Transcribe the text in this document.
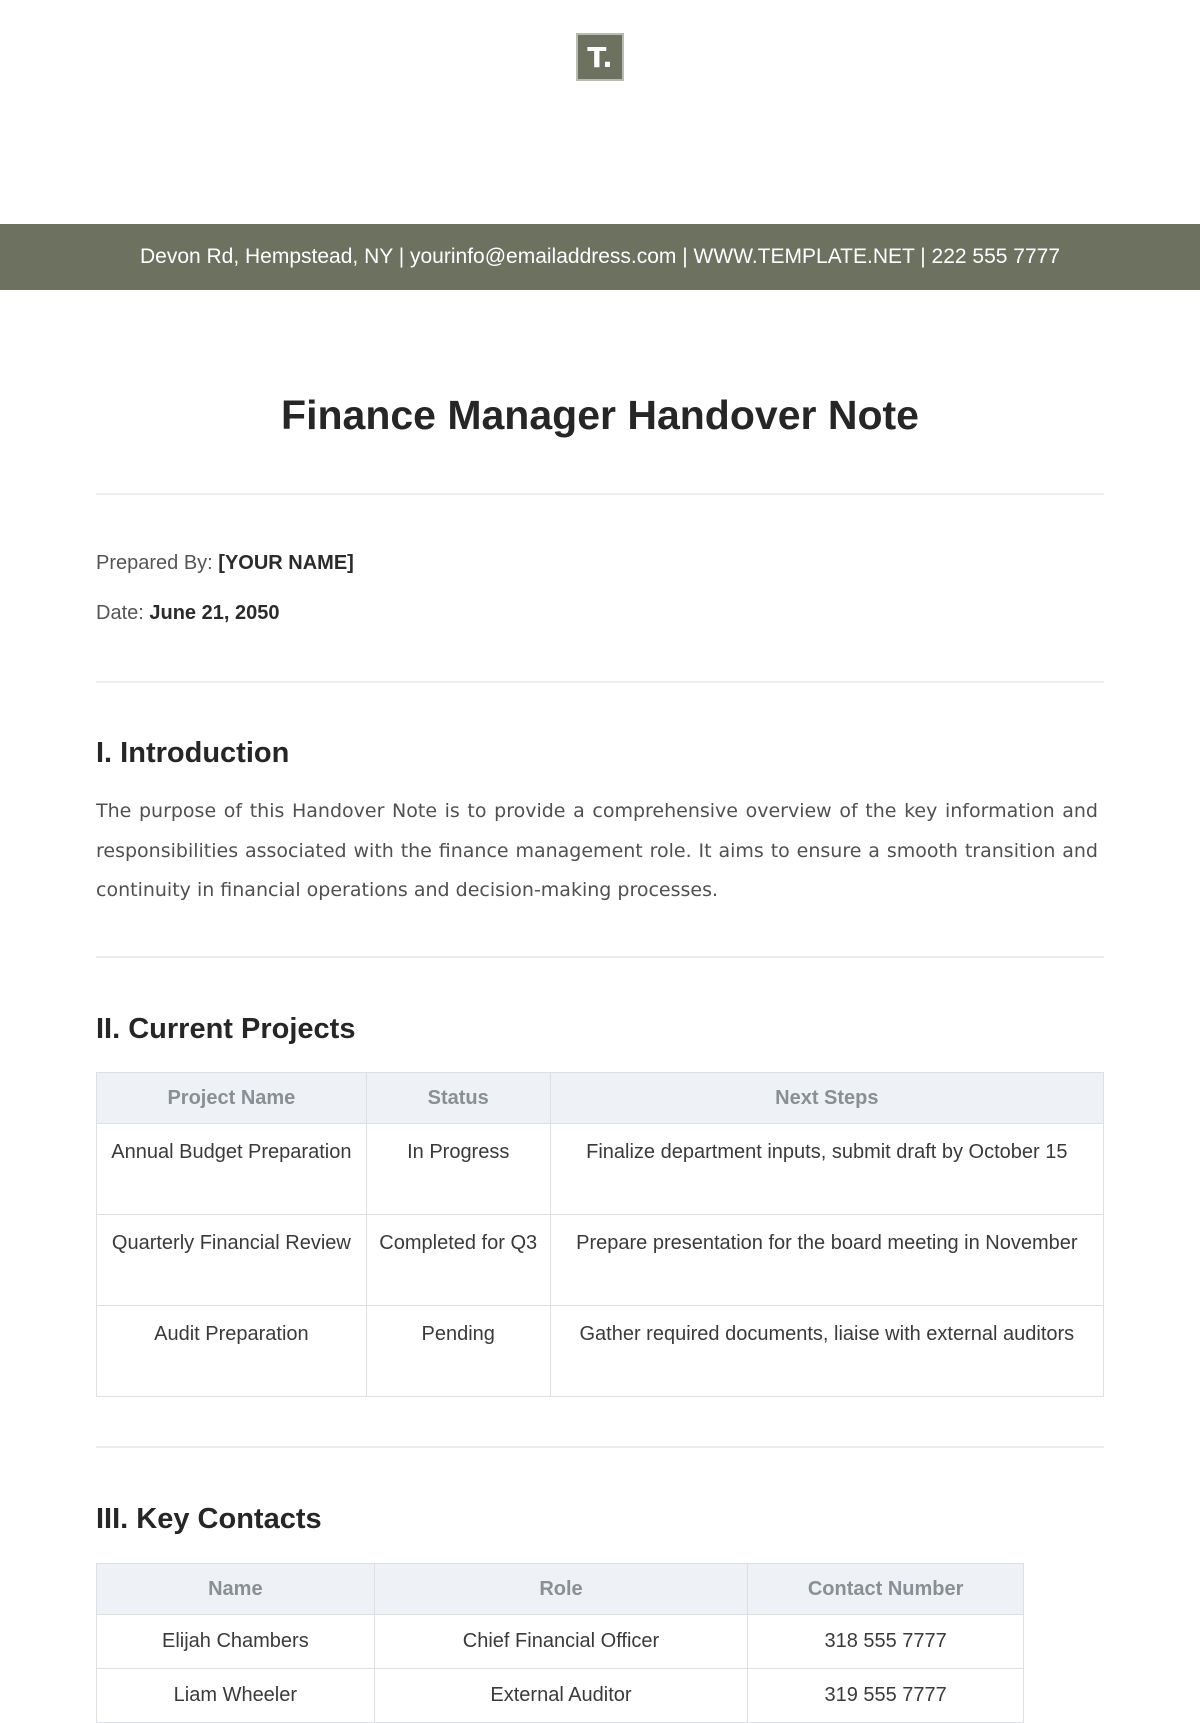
T.
Devon Rd, Hempstead, NY | yourinfo@emailaddress.com | WWW.TEMPLATE.NET | 222 555 7777
Finance Manager Handover Note
Prepared By: [YOUR NAME]
Date: June 21, 2050
I. Introduction

The purpose of this Handover Note is to provide a comprehensive overview of the key information and responsibilities associated with the finance management role. It aims to ensure a smooth transition and continuity in financial operations and decision-making processes.

II. Current Projects
Project Name	Status	Next Steps
Annual Budget Preparation	In Progress	Finalize department inputs, submit draft by October 15
Quarterly Financial Review	Completed for Q3	Prepare presentation for the board meeting in November
Audit Preparation	Pending	Gather required documents, liaise with external auditors
III. Key Contacts
Name	Role	Contact Number
Elijah Chambers	Chief Financial Officer	318 555 7777
Liam Wheeler	External Auditor	319 555 7777
